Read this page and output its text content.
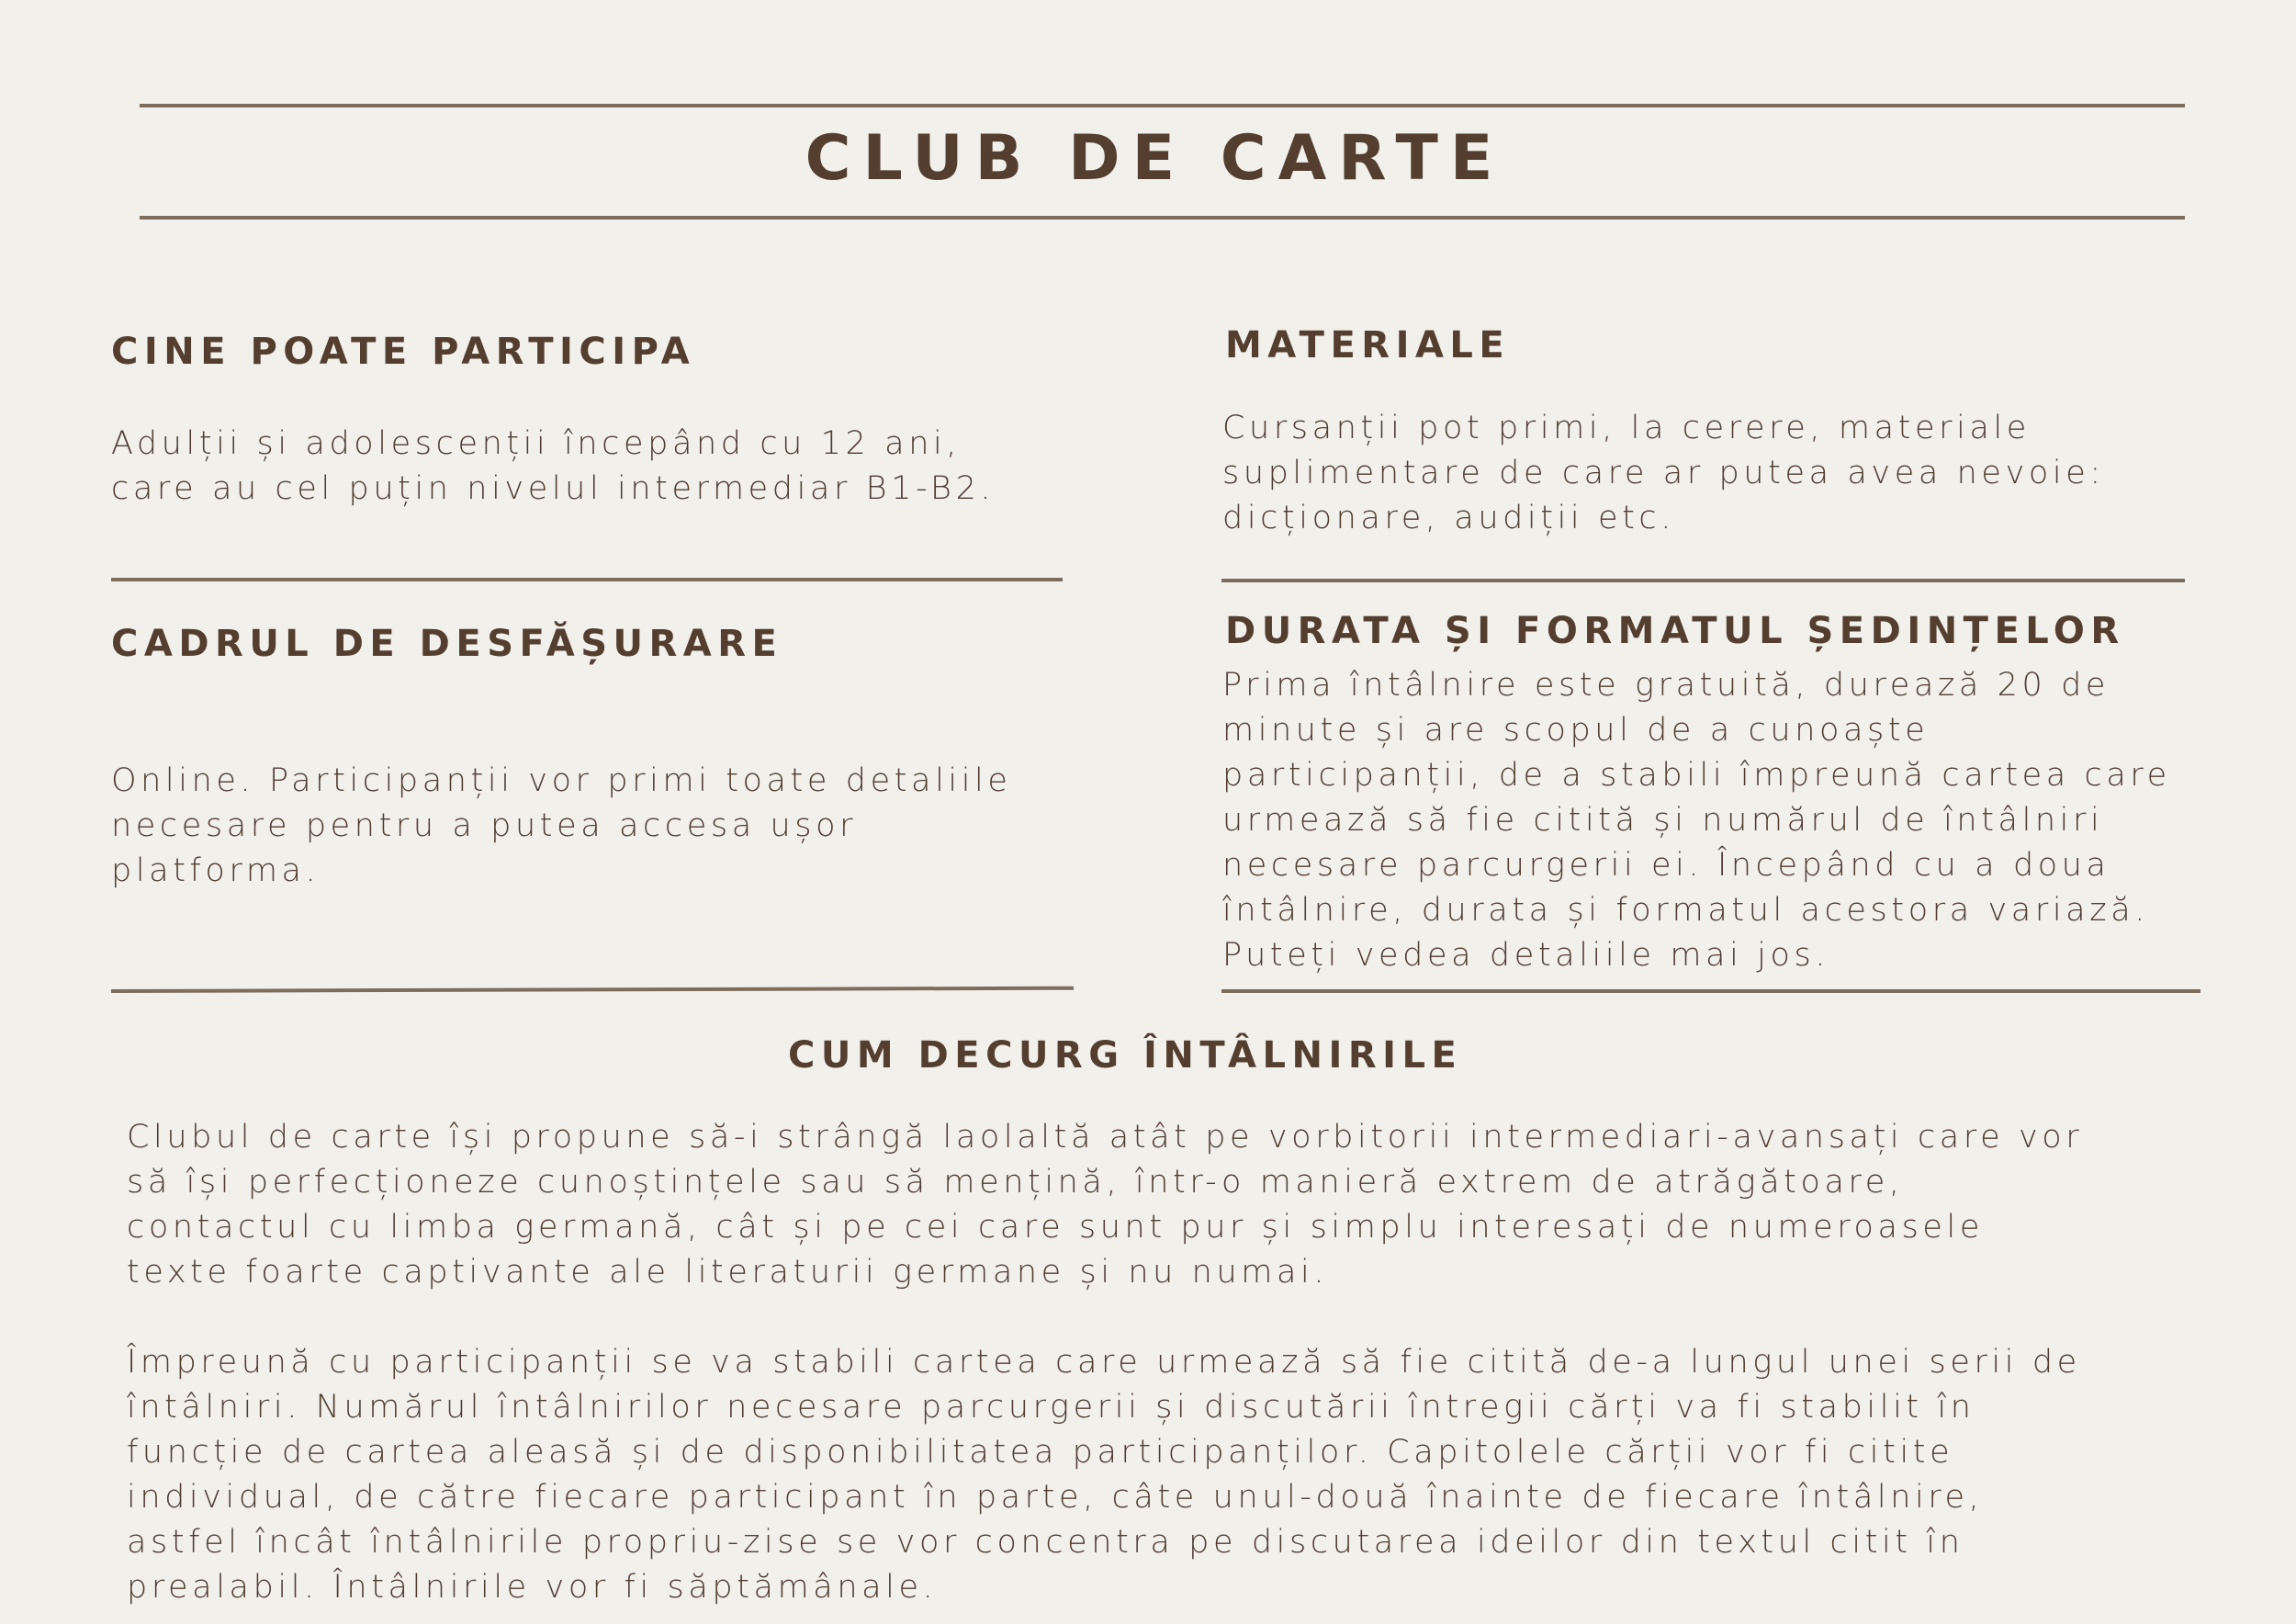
CLUB DE CARTE
CINE POATE PARTICIPA
Adulții și adolescenții începând cu 12 ani,
care au cel puțin nivelul intermediar B1-B2.
MATERIALE
Cursanții pot primi, la cerere, materiale
suplimentare de care ar putea avea nevoie:
dicționare, audiții etc.
CADRUL DE DESFĂȘURARE
Online. Participanții vor primi toate detaliile
necesare pentru a putea accesa ușor
platforma.
DURATA ȘI FORMATUL ȘEDINȚELOR
Prima întâlnire este gratuită, durează 20 de
minute și are scopul de a cunoaște
participanții, de a stabili împreună cartea care
urmează să fie citită și numărul de întâlniri
necesare parcurgerii ei. Începând cu a doua
întâlnire, durata și formatul acestora variază.
Puteți vedea detaliile mai jos.
CUM DECURG ÎNTÂLNIRILE
Clubul de carte își propune să-i strângă laolaltă atât pe vorbitorii intermediari-avansați care vor
să își perfecționeze cunoștințele sau să mențină, într-o manieră extrem de atrăgătoare,
contactul cu limba germană, cât și pe cei care sunt pur și simplu interesați de numeroasele
texte foarte captivante ale literaturii germane și nu numai.
Împreună cu participanții se va stabili cartea care urmează să fie citită de-a lungul unei serii de
întâlniri. Numărul întâlnirilor necesare parcurgerii și discutării întregii cărți va fi stabilit în
funcție de cartea aleasă și de disponibilitatea participanților. Capitolele cărții vor fi citite
individual, de către fiecare participant în parte, câte unul-două înainte de fiecare întâlnire,
astfel încât întâlnirile propriu-zise se vor concentra pe discutarea ideilor din textul citit în
prealabil. Întâlnirile vor fi săptămânale.
